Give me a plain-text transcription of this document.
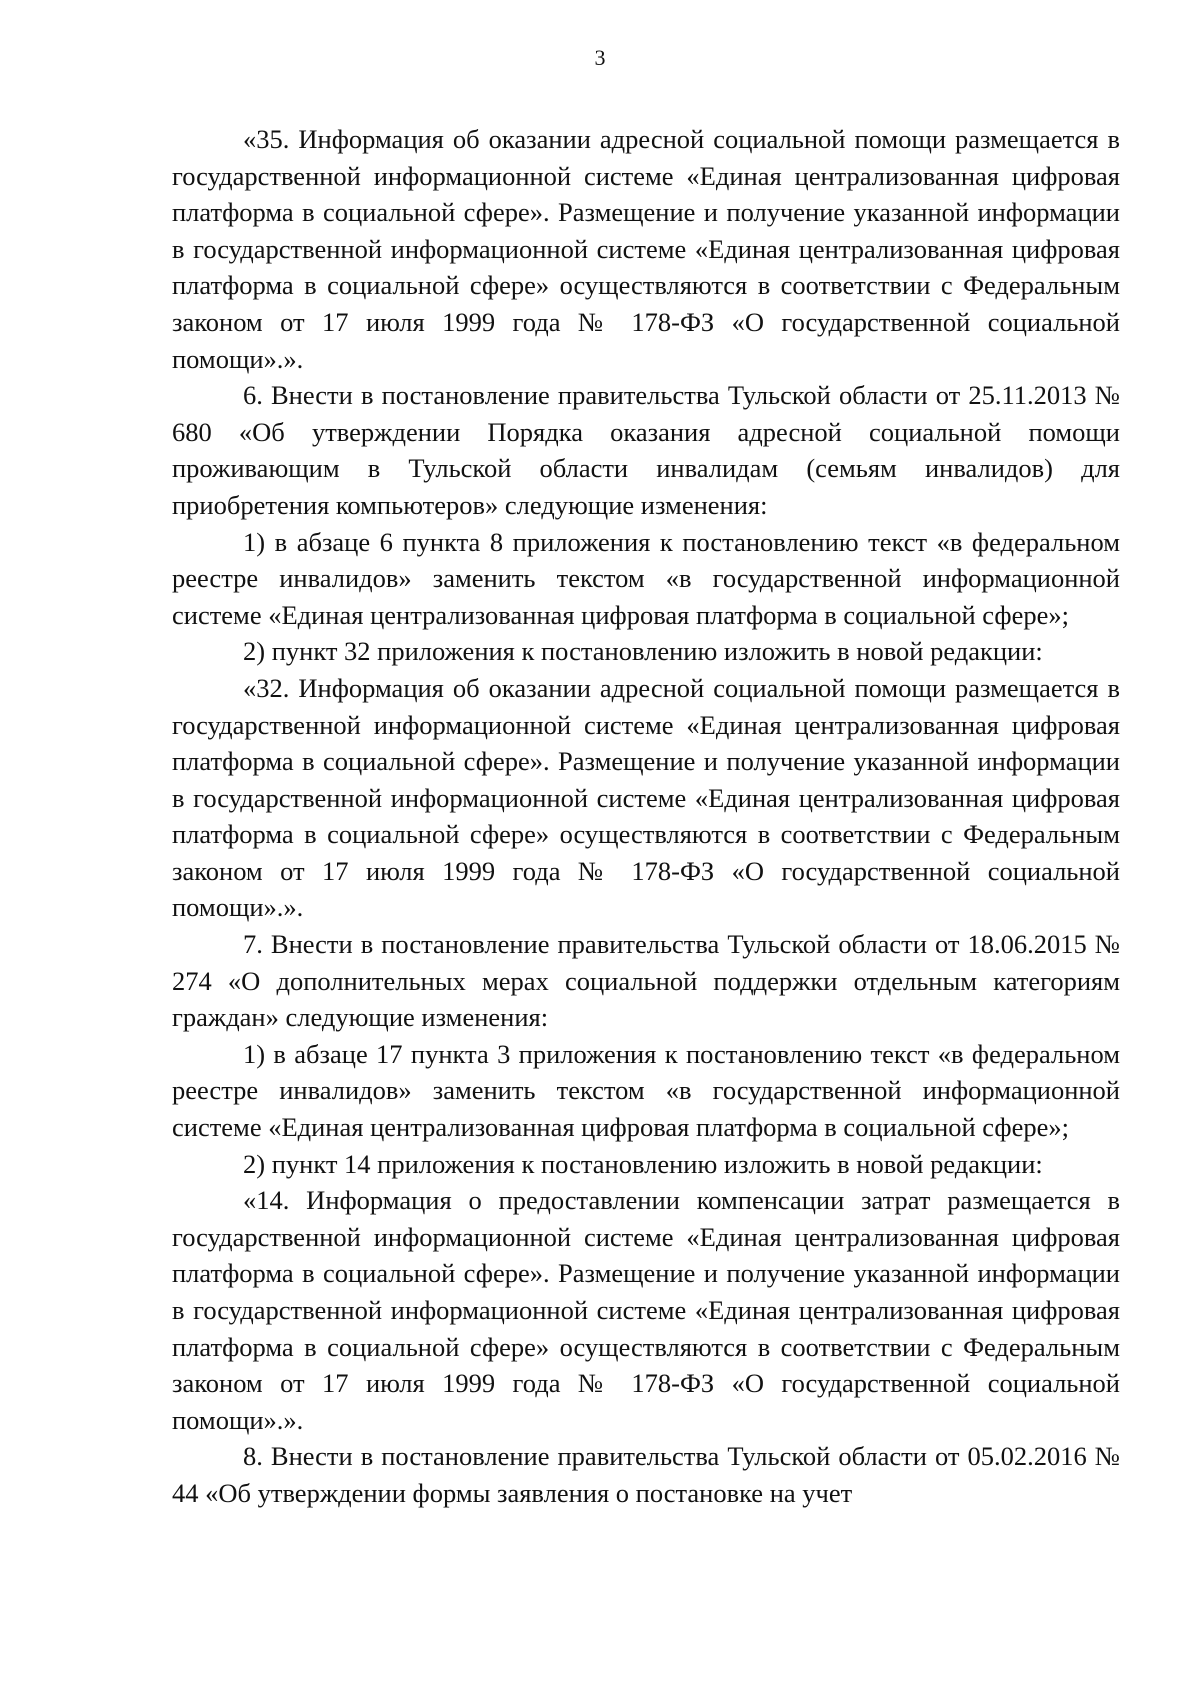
3

«35. Информация об оказании адресной социальной помощи размещается в государственной информационной системе «Единая централизованная цифровая платформа в социальной сфере». Размещение и получение указанной информации в государственной информационной системе «Единая централизованная цифровая платформа в социальной сфере» осуществляются в соответствии с Федеральным законом от 17 июля 1999 года № 178-ФЗ «О государственной социальной помощи».».

6. Внести в постановление правительства Тульской области от 25.11.2013 № 680 «Об утверждении Порядка оказания адресной социальной помощи проживающим в Тульской области инвалидам (семьям инвалидов) для приобретения компьютеров» следующие изменения:

1) в абзаце 6 пункта 8 приложения к постановлению текст «в федеральном реестре инвалидов» заменить текстом «в государственной информационной системе «Единая централизованная цифровая платформа в социальной сфере»;

2) пункт 32 приложения к постановлению изложить в новой редакции:

«32. Информация об оказании адресной социальной помощи размещается в государственной информационной системе «Единая централизованная цифровая платформа в социальной сфере». Размещение и получение указанной информации в государственной информационной системе «Единая централизованная цифровая платформа в социальной сфере» осуществляются в соответствии с Федеральным законом от 17 июля 1999 года № 178-ФЗ «О государственной социальной помощи».».

7. Внести в постановление правительства Тульской области от 18.06.2015 № 274 «О дополнительных мерах социальной поддержки отдельным категориям граждан» следующие изменения:

1) в абзаце 17 пункта 3 приложения к постановлению текст «в федеральном реестре инвалидов» заменить текстом «в государственной информационной системе «Единая централизованная цифровая платформа в социальной сфере»;

2) пункт 14 приложения к постановлению изложить в новой редакции:

«14. Информация о предоставлении компенсации затрат размещается в государственной информационной системе «Единая централизованная цифровая платформа в социальной сфере». Размещение и получение указанной информации в государственной информационной системе «Единая централизованная цифровая платформа в социальной сфере» осуществляются в соответствии с Федеральным законом от 17 июля 1999 года № 178-ФЗ «О государственной социальной помощи».».

8. Внести в постановление правительства Тульской области от 05.02.2016 № 44 «Об утверждении формы заявления о постановке на учет
